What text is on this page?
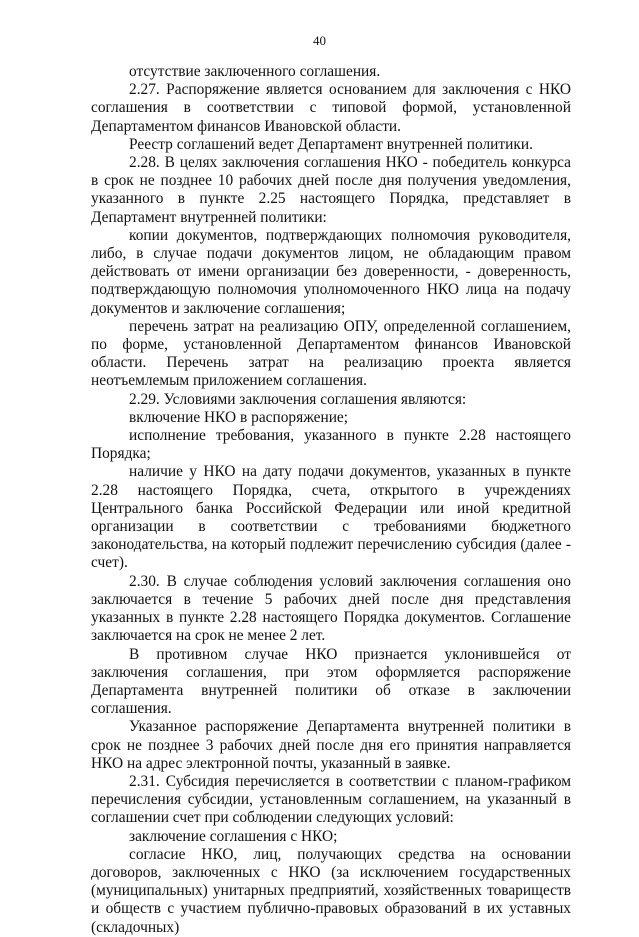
40

отсутствие заключенного соглашения.

2.27. Распоряжение является основанием для заключения с НКО соглашения в соответствии с типовой формой, установленной Департаментом финансов Ивановской области.

Реестр соглашений ведет Департамент внутренней политики.

2.28. В целях заключения соглашения НКО - победитель конкурса в срок не позднее 10 рабочих дней после дня получения уведомления, указанного в пункте 2.25 настоящего Порядка, представляет в Департамент внутренней политики:

копии документов, подтверждающих полномочия руководителя, либо, в случае подачи документов лицом, не обладающим правом действовать от имени организации без доверенности, - доверенность, подтверждающую полномочия уполномоченного НКО лица на подачу документов и заключение соглашения;

перечень затрат на реализацию ОПУ, определенной соглашением, по форме, установленной Департаментом финансов Ивановской области. Перечень затрат на реализацию проекта является неотъемлемым приложением соглашения.

2.29. Условиями заключения соглашения являются:

включение НКО в распоряжение;

исполнение требования, указанного в пункте 2.28 настоящего Порядка;

наличие у НКО на дату подачи документов, указанных в пункте 2.28 настоящего Порядка, счета, открытого в учреждениях Центрального банка Российской Федерации или иной кредитной организации в соответствии с требованиями бюджетного законодательства, на который подлежит перечислению субсидия (далее - счет).

2.30. В случае соблюдения условий заключения соглашения оно заключается в течение 5 рабочих дней после дня представления указанных в пункте 2.28 настоящего Порядка документов. Соглашение заключается на срок не менее 2 лет.

В противном случае НКО признается уклонившейся от заключения соглашения, при этом оформляется распоряжение Департамента внутренней политики об отказе в заключении соглашения.

Указанное распоряжение Департамента внутренней политики в срок не позднее 3 рабочих дней после дня его принятия направляется НКО на адрес электронной почты, указанный в заявке.

2.31. Субсидия перечисляется в соответствии с планом-графиком перечисления субсидии, установленным соглашением, на указанный в соглашении счет при соблюдении следующих условий:

заключение соглашения с НКО;

согласие НКО, лиц, получающих средства на основании договоров, заключенных с НКО (за исключением государственных (муниципальных) унитарных предприятий, хозяйственных товариществ и обществ с участием публично-правовых образований в их уставных (складочных)
